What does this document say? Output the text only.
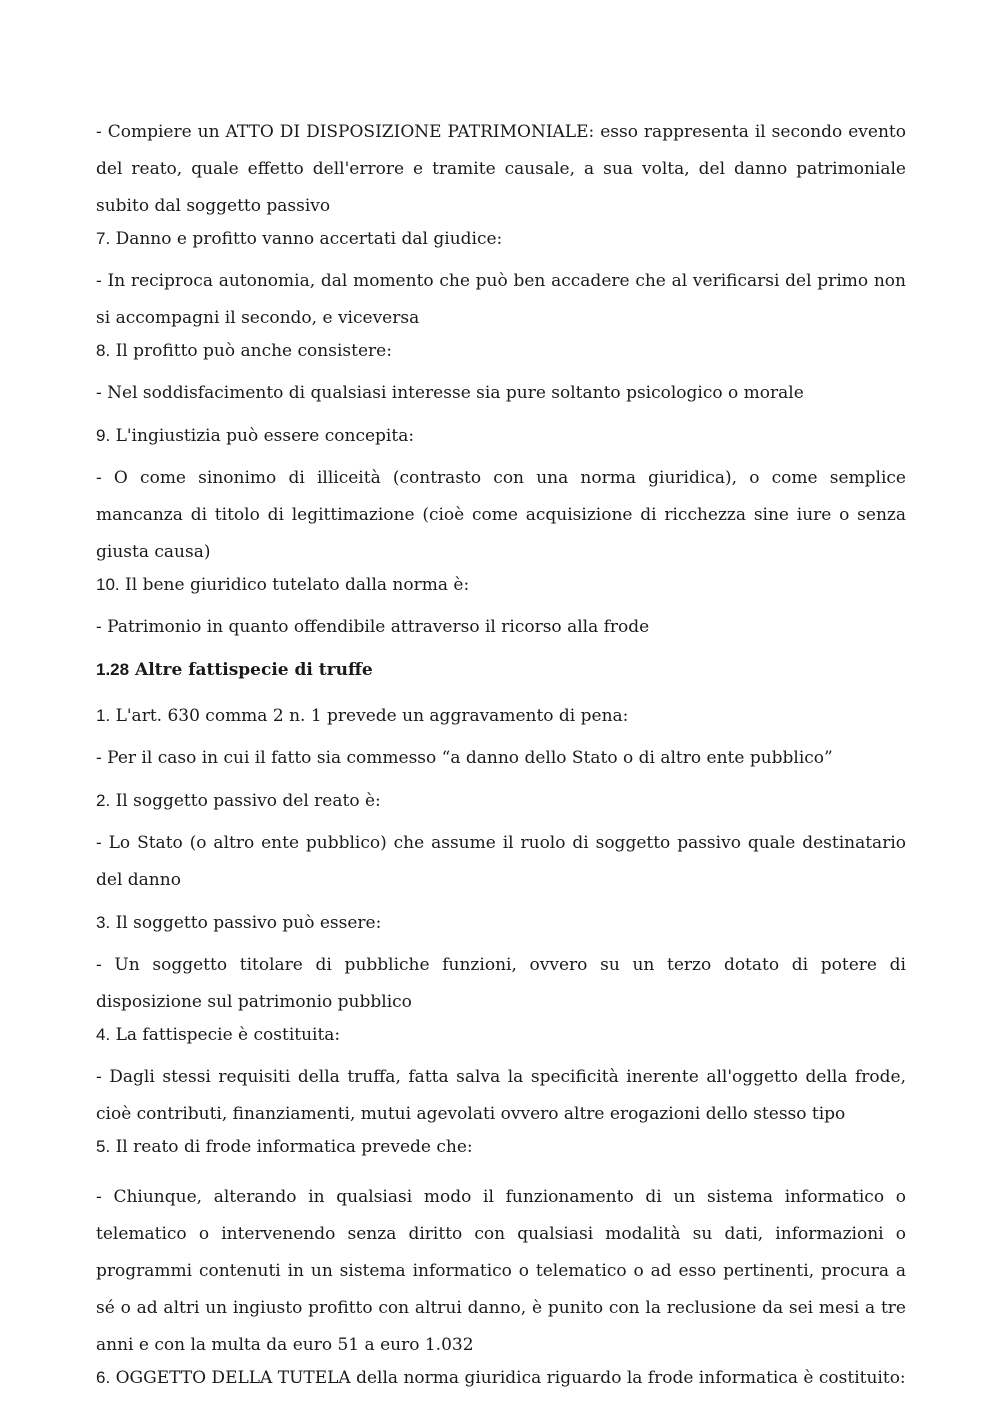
- Compiere un ATTO DI DISPOSIZIONE PATRIMONIALE: esso rappresenta il secondo evento del reato, quale effetto dell'errore e tramite causale, a sua volta, del danno patrimoniale subito dal soggetto passivo

7. Danno e profitto vanno accertati dal giudice:

- In reciproca autonomia, dal momento che può ben accadere che al verificarsi del primo non si accompagni il secondo, e viceversa

8. Il profitto può anche consistere:

- Nel soddisfacimento di qualsiasi interesse sia pure soltanto psicologico o morale

9. L'ingiustizia può essere concepita:

- O come sinonimo di illiceità (contrasto con una norma giuridica), o come semplice mancanza di titolo di legittimazione (cioè come acquisizione di ricchezza sine iure o senza giusta causa)

10. Il bene giuridico tutelato dalla norma è:

- Patrimonio in quanto offendibile attraverso il ricorso alla frode

1.28 Altre fattispecie di truffe

1. L'art. 630 comma 2 n. 1 prevede un aggravamento di pena:

- Per il caso in cui il fatto sia commesso “a danno dello Stato o di altro ente pubblico”

2. Il soggetto passivo del reato è:

- Lo Stato (o altro ente pubblico) che assume il ruolo di soggetto passivo quale destinatario del danno

3. Il soggetto passivo può essere:

- Un soggetto titolare di pubbliche funzioni, ovvero su un terzo dotato di potere di disposizione sul patrimonio pubblico

4. La fattispecie è costituita:

- Dagli stessi requisiti della truffa, fatta salva la specificità inerente all'oggetto della frode, cioè contributi, finanziamenti, mutui agevolati ovvero altre erogazioni dello stesso tipo

5. Il reato di frode informatica prevede che:

- Chiunque, alterando in qualsiasi modo il funzionamento di un sistema informatico o telematico o intervenendo senza diritto con qualsiasi modalità su dati, informazioni o programmi contenuti in un sistema informatico o telematico o ad esso pertinenti, procura a sé o ad altri un ingiusto profitto con altrui danno, è punito con la reclusione da sei mesi a tre anni e con la multa da euro 51 a euro 1.032

6. OGGETTO DELLA TUTELA della norma giuridica riguardo la frode informatica è costituito:
